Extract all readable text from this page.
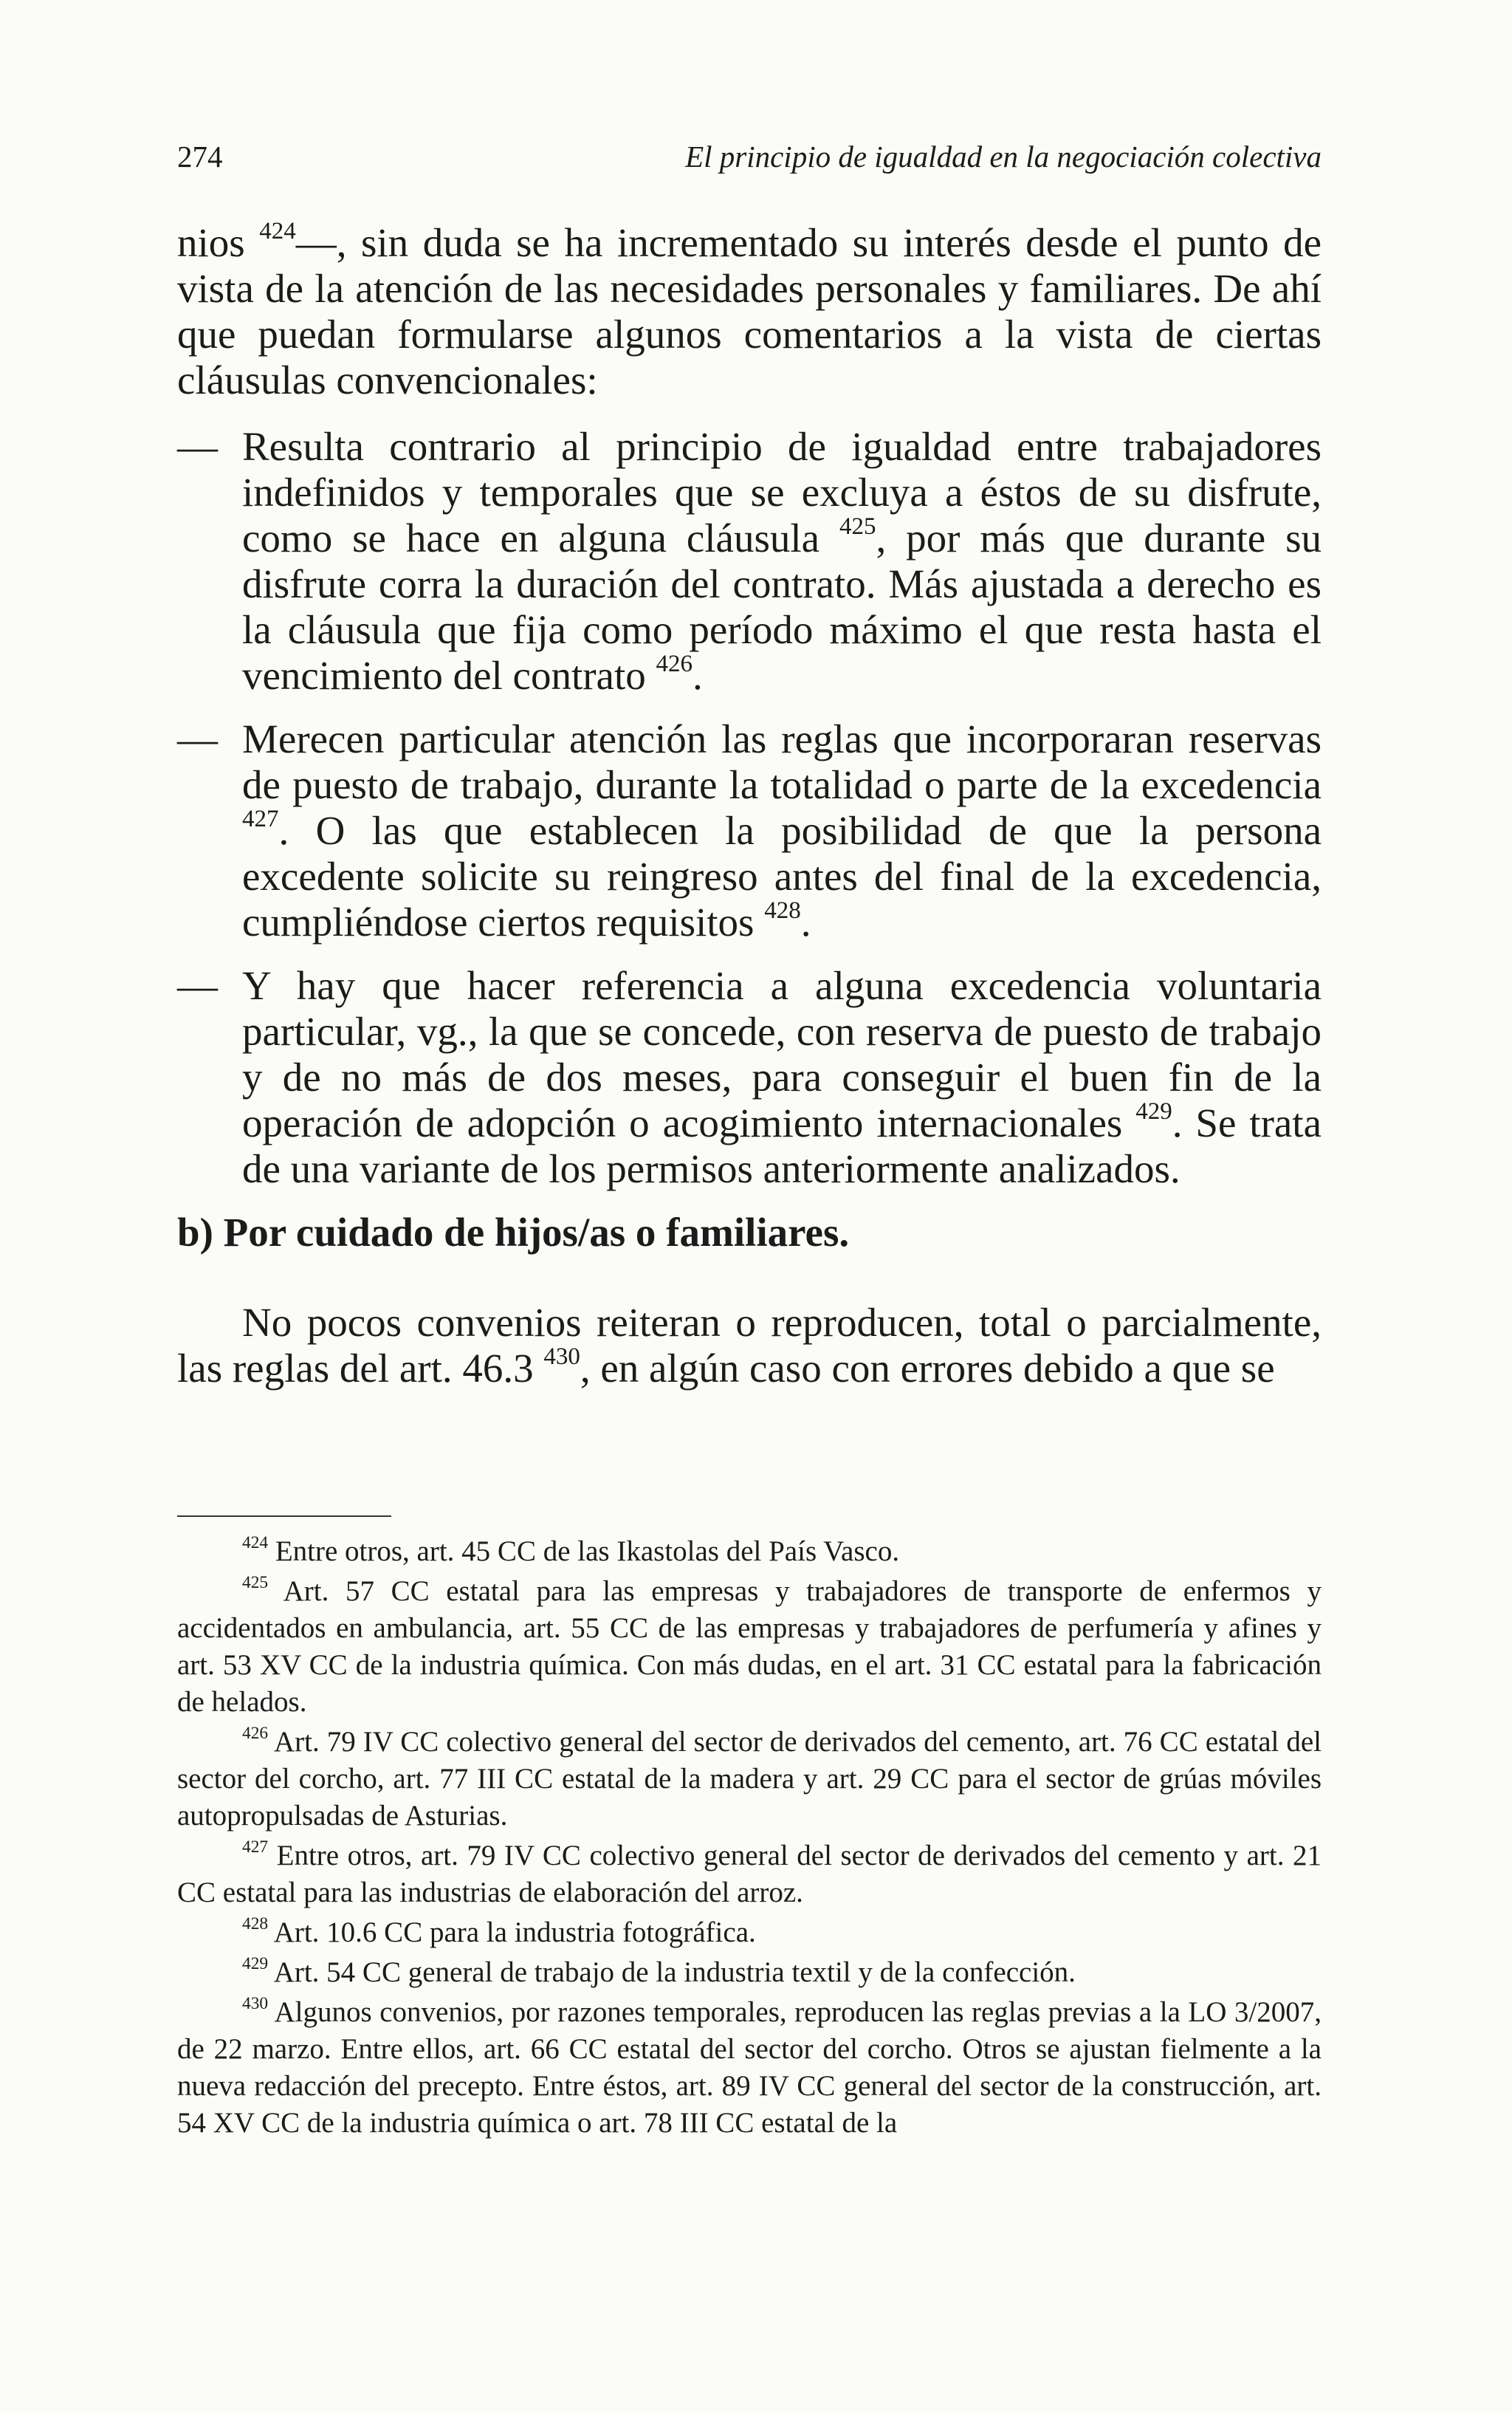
274	El principio de igualdad en la negociación colectiva

nios $^{424}$—, sin duda se ha incrementado su interés desde el punto de vista de la atención de las necesidades personales y familiares. De ahí que puedan formularse algunos comentarios a la vista de ciertas cláusulas convencionales:

— Resulta contrario al principio de igualdad entre trabajadores indefinidos y temporales que se excluya a éstos de su disfrute, como se hace en alguna cláusula $^{425}$, por más que durante su disfrute corra la duración del contrato. Más ajustada a derecho es la cláusula que fija como período máximo el que resta hasta el vencimiento del contrato $^{426}$.
— Merecen particular atención las reglas que incorporaran reservas de puesto de trabajo, durante la totalidad o parte de la excedencia $^{427}$. O las que establecen la posibilidad de que la persona excedente solicite su reingreso antes del final de la excedencia, cumpliéndose ciertos requisitos $^{428}$.
— Y hay que hacer referencia a alguna excedencia voluntaria particular, vg., la que se concede, con reserva de puesto de trabajo y de no más de dos meses, para conseguir el buen fin de la operación de adopción o acogimiento internacionales $^{429}$. Se trata de una variante de los permisos anteriormente analizados.

b) Por cuidado de hijos/as o familiares.

No pocos convenios reiteran o reproducen, total o parcialmente, las reglas del art. 46.3 $^{430}$, en algún caso con errores debido a que se

$^{424}$ Entre otros, art. 45 CC de las Ikastolas del País Vasco.

$^{425}$ Art. 57 CC estatal para las empresas y trabajadores de transporte de enfermos y accidentados en ambulancia, art. 55 CC de las empresas y trabajadores de perfumería y afines y art. 53 XV CC de la industria química. Con más dudas, en el art. 31 CC estatal para la fabricación de helados.

$^{426}$ Art. 79 IV CC colectivo general del sector de derivados del cemento, art. 76 CC estatal del sector del corcho, art. 77 III CC estatal de la madera y art. 29 CC para el sector de grúas móviles autopropulsadas de Asturias.

$^{427}$ Entre otros, art. 79 IV CC colectivo general del sector de derivados del cemento y art. 21 CC estatal para las industrias de elaboración del arroz.

$^{428}$ Art. 10.6 CC para la industria fotográfica.

$^{429}$ Art. 54 CC general de trabajo de la industria textil y de la confección.

$^{430}$ Algunos convenios, por razones temporales, reproducen las reglas previas a la LO 3/2007, de 22 marzo. Entre ellos, art. 66 CC estatal del sector del corcho. Otros se ajustan fielmente a la nueva redacción del precepto. Entre éstos, art. 89 IV CC general del sector de la construcción, art. 54 XV CC de la industria química o art. 78 III CC estatal de la
